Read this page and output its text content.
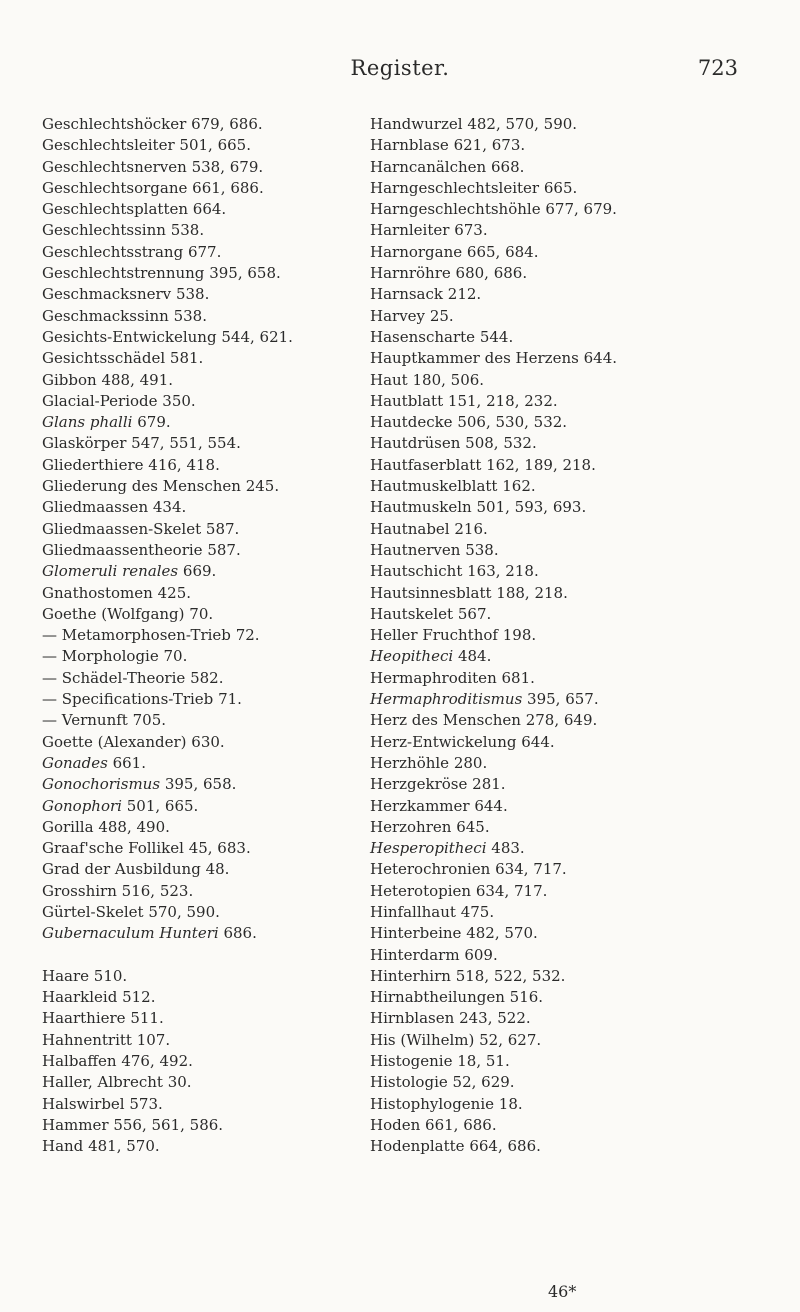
Register.	723
Geschlechtshöcker 679, 686.
Geschlechtsleiter 501, 665.
Geschlechtsnerven 538, 679.
Geschlechtsorgane 661, 686.
Geschlechtsplatten 664.
Geschlechtssinn 538.
Geschlechtsstrang 677.
Geschlechtstrennung 395, 658.
Geschmacksnerv 538.
Geschmackssinn 538.
Gesichts-Entwickelung 544, 621.
Gesichtsschädel 581.
Gibbon 488, 491.
Glacial-Periode 350.
Glans phalli 679.
Glaskörper 547, 551, 554.
Gliederthiere 416, 418.
Gliederung des Menschen 245.
Gliedmaassen 434.
Gliedmaassen-Skelet 587.
Gliedmaassentheorie 587.
Glomeruli renales 669.
Gnathostomen 425.
Goethe (Wolfgang) 70.
— Metamorphosen-Trieb 72.
— Morphologie 70.
— Schädel-Theorie 582.
— Specifications-Trieb 71.
— Vernunft 705.
Goette (Alexander) 630.
Gonades 661.
Gonochorismus 395, 658.
Gonophori 501, 665.
Gorilla 488, 490.
Graaf'sche Follikel 45, 683.
Grad der Ausbildung 48.
Grosshirn 516, 523.
Gürtel-Skelet 570, 590.
Gubernaculum Hunteri 686.
Haare 510.
Haarkleid 512.
Haarthiere 511.
Hahnentritt 107.
Halbaffen 476, 492.
Haller, Albrecht 30.
Halswirbel 573.
Hammer 556, 561, 586.
Hand 481, 570.
Handwurzel 482, 570, 590.
Harnblase 621, 673.
Harncanälchen 668.
Harngeschlechtsleiter 665.
Harngeschlechtshöhle 677, 679.
Harnleiter 673.
Harnorgane 665, 684.
Harnröhre 680, 686.
Harnsack 212.
Harvey 25.
Hasenscharte 544.
Hauptkammer des Herzens 644.
Haut 180, 506.
Hautblatt 151, 218, 232.
Hautdecke 506, 530, 532.
Hautdrüsen 508, 532.
Hautfaserblatt 162, 189, 218.
Hautmuskelblatt 162.
Hautmuskeln 501, 593, 693.
Hautnabel 216.
Hautnerven 538.
Hautschicht 163, 218.
Hautsinnesblatt 188, 218.
Hautskelet 567.
Heller Fruchthof 198.
Heopitheci 484.
Hermaphroditen 681.
Hermaphroditismus 395, 657.
Herz des Menschen 278, 649.
Herz-Entwickelung 644.
Herzhöhle 280.
Herzgekröse 281.
Herzkammer 644.
Herzohren 645.
Hesperopitheci 483.
Heterochronien 634, 717.
Heterotopien 634, 717.
Hinfallhaut 475.
Hinterbeine 482, 570.
Hinterdarm 609.
Hinterhirn 518, 522, 532.
Hirnabtheilungen 516.
Hirnblasen 243, 522.
His (Wilhelm) 52, 627.
Histogenie 18, 51.
Histologie 52, 629.
Histophylogenie 18.
Hoden 661, 686.
Hodenplatte 664, 686.
46*
